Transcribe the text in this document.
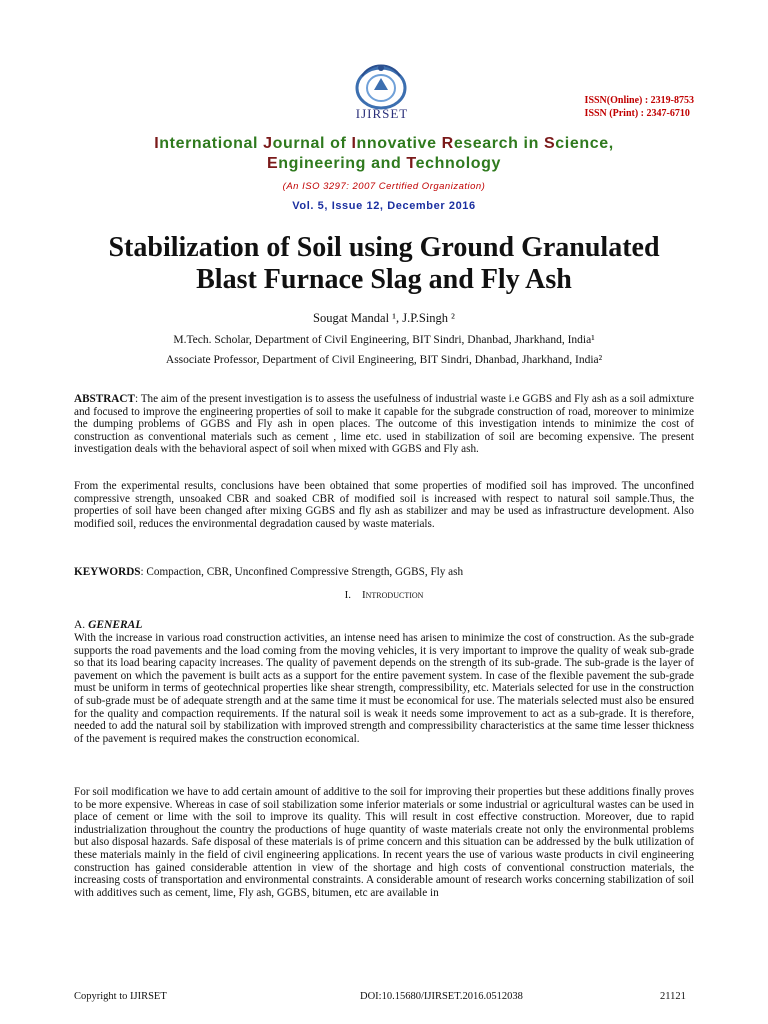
IJIRSET
ISSN(Online) : 2319-8753
ISSN (Print) : 2347-6710
International Journal of Innovative Research in Science,
Engineering and Technology
(An ISO 3297: 2007 Certified Organization)
Vol. 5, Issue 12, December 2016
Stabilization of Soil using Ground Granulated
Blast Furnace Slag and Fly Ash
Sougat Mandal ¹, J.P.Singh ²
M.Tech. Scholar, Department of Civil Engineering, BIT Sindri, Dhanbad, Jharkhand, India¹
Associate Professor, Department of Civil Engineering, BIT Sindri, Dhanbad, Jharkhand, India²
ABSTRACT: The aim of the present investigation is to assess the usefulness of industrial waste i.e GGBS and Fly ash as a soil admixture and focused to improve the engineering properties of soil to make it capable for the subgrade construction of road, moreover to minimize the dumping problems of GGBS and Fly ash in open places. The outcome of this investigation intends to minimize the cost of construction as conventional materials such as cement , lime etc. used in stabilization of soil are becoming expensive. The present investigation deals with the behavioral aspect of soil when mixed with GGBS and Fly ash.
From the experimental results, conclusions have been obtained that some properties of modified soil has improved. The unconfined compressive strength, unsoaked CBR and soaked CBR of modified soil is increased with respect to natural soil sample.Thus, the properties of soil have been changed after mixing GGBS and fly ash as stabilizer and may be used as infrastructure development. Also modified soil, reduces the environmental degradation caused by waste materials.
KEYWORDS: Compaction, CBR, Unconfined Compressive Strength, GGBS, Fly ash
I. Introduction
A. GENERAL
With the increase in various road construction activities, an intense need has arisen to minimize the cost of construction. As the sub-grade supports the road pavements and the load coming from the moving vehicles, it is very important to improve the quality of weak sub-grade so that its load bearing capacity increases. The quality of pavement depends on the strength of its sub-grade. The sub-grade is the layer of pavement on which the pavement is built acts as a support for the entire pavement system. In case of the flexible pavement the sub-grade must be uniform in terms of geotechnical properties like shear strength, compressibility, etc. Materials selected for use in the construction of sub-grade must be of adequate strength and at the same time it must be economical for use. The materials selected must also be ensured for the quality and compaction requirements. If the natural soil is weak it needs some improvement to act as a sub-grade. It is therefore, needed to add the natural soil by stabilization with improved strength and compressibility characteristics at the same time lesser thickness of the pavement is required makes the construction economical.
For soil modification we have to add certain amount of additive to the soil for improving their properties but these additions finally proves to be more expensive. Whereas in case of soil stabilization some inferior materials or some industrial or agricultural wastes can be used in place of cement or lime with the soil to improve its quality. This will result in cost effective construction. Moreover, due to rapid industrialization throughout the country the productions of huge quantity of waste materials create not only the environmental problems but also disposal hazards. Safe disposal of these materials is of prime concern and this situation can be addressed by the bulk utilization of these materials mainly in the field of civil engineering applications. In recent years the use of various waste products in civil engineering construction has gained considerable attention in view of the shortage and high costs of conventional construction materials, the increasing costs of transportation and environmental constraints. A considerable amount of research works concerning stabilization of soil with additives such as cement, lime, Fly ash, GGBS, bitumen, etc are available in
Copyright to IJIRSET	DOI:10.15680/IJIRSET.2016.0512038	21121
